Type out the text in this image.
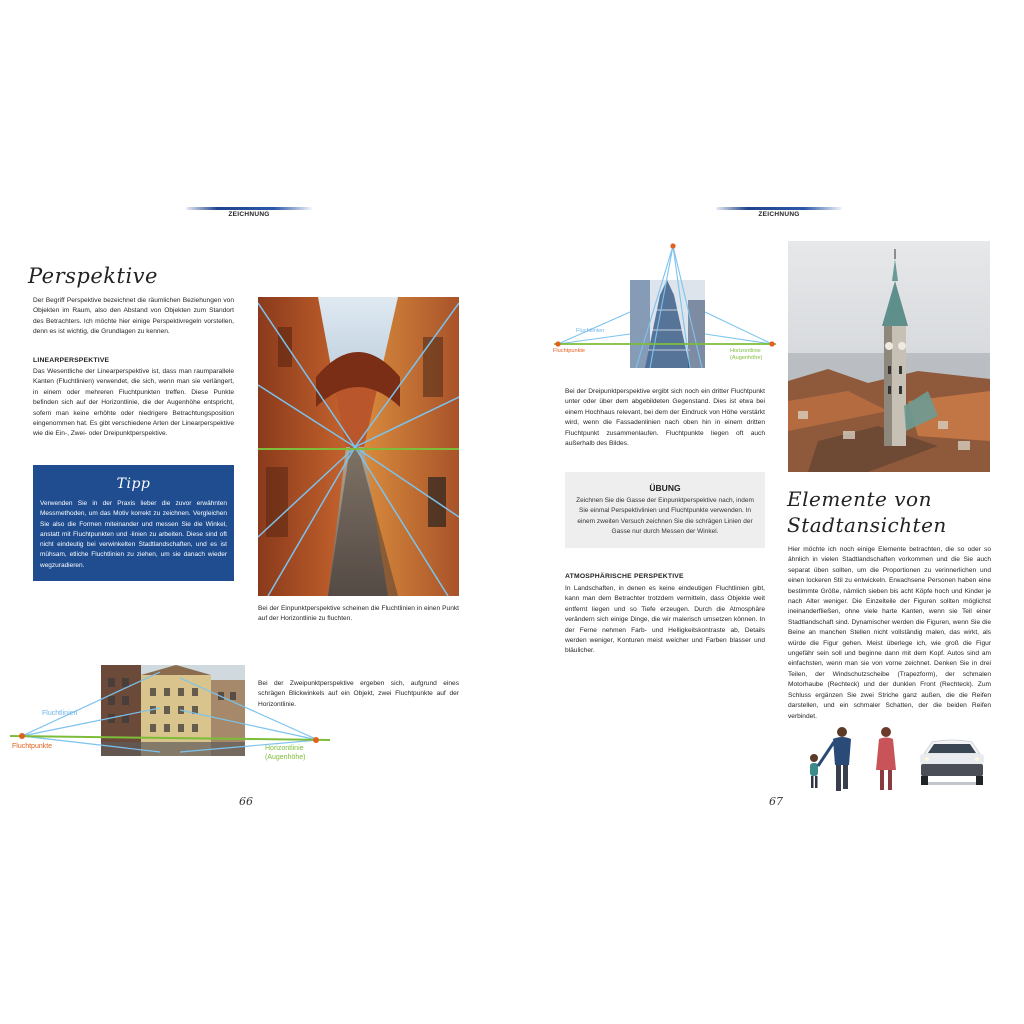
ZEICHNUNG
Perspektive
Der Begriff Perspektive bezeichnet die räumlichen Beziehungen von Objekten im Raum, also den Abstand von Objekten zum Standort des Betrachters. Ich möchte hier einige Perspektivregeln vorstellen, denn es ist wichtig, die Grundlagen zu kennen.
LINEARPERSPEKTIVE
Das Wesentliche der Linearperspektive ist, dass man raumparallele Kanten (Fluchtlinien) verwendet, die sich, wenn man sie verlängert, in einem oder mehreren Fluchtpunkten treffen. Diese Punkte befinden sich auf der Horizontlinie, die der Augenhöhe entspricht, sofern man keine erhöhte oder niedrigere Betrachtungsposition eingenommen hat. Es gibt verschiedene Arten der Linearperspektive wie die Ein-, Zwei- oder Dreipunktperspektive.
Tipp
Verwenden Sie in der Praxis lieber die zuvor erwähnten Messmethoden, um das Motiv korrekt zu zeichnen. Vergleichen Sie also die Formen miteinander und messen Sie die Winkel, anstatt mit Fluchtpunkten und -linien zu arbeiten. Diese sind oft nicht eindeutig bei verwinkelten Stadtlandschaften, und es ist mühsam, etliche Fluchtlinien zu ziehen, um sie danach wieder wegzuradieren.
Bei der Einpunktperspektive scheinen die Fluchtlinien in einen Punkt auf der Horizontlinie zu fluchten.
Fluchtlinien
Fluchtpunkte	Horizontlinie
(Augenhöhe)
Bei der Zweipunktperspektive ergeben sich, aufgrund eines schrägen Blickwinkels auf ein Objekt, zwei Fluchtpunkte auf der Horizontlinie.
66
ZEICHNUNG
Fluchtlinien
Fluchtpunkte	Horizontlinie
(Augenhöhe)
Bei der Dreipunktperspektive ergibt sich noch ein dritter Fluchtpunkt unter oder über dem abgebildeten Gegenstand. Dies ist etwa bei einem Hochhaus relevant, bei dem der Eindruck von Höhe verstärkt wird, wenn die Fassadenlinien nach oben hin in einem dritten Fluchtpunkt zusammenlaufen. Fluchtpunkte liegen oft auch außerhalb des Bildes.
ÜBUNG
Zeichnen Sie die Gasse der Einpunktperspektive nach, indem Sie einmal Perspektivlinien und Fluchtpunkte verwenden. In einem zweiten Versuch zeichnen Sie die schrägen Linien der Gasse nur durch Messen der Winkel.
ATMOSPHÄRISCHE PERSPEKTIVE
In Landschaften, in denen es keine eindeutigen Fluchtlinien gibt, kann man dem Betrachter trotzdem vermitteln, dass Objekte weit entfernt liegen und so Tiefe erzeugen. Durch die Atmosphäre verändern sich einige Dinge, die wir malerisch umsetzen können. In der Ferne nehmen Farb- und Helligkeitskontraste ab, Details werden weniger, Konturen meist weicher und Farben blasser und bläulicher.
Elemente von
Stadtansichten
Hier möchte ich noch einige Elemente betrachten, die so oder so ähnlich in vielen Stadtlandschaften vorkommen und die Sie auch separat üben sollten, um die Proportionen zu verinnerlichen und einen lockeren Stil zu entwickeln. Erwachsene Personen haben eine bestimmte Größe, nämlich sieben bis acht Köpfe hoch und Kinder je nach Alter weniger. Die Einzelteile der Figuren sollten möglichst ineinanderfließen, ohne viele harte Kanten, wenn sie Teil einer Stadtlandschaft sind. Dynamischer werden die Figuren, wenn Sie die Beine an manchen Stellen nicht vollständig malen, das wirkt, als würde die Figur gehen. Meist überlege ich, wie groß die Figur ungefähr sein soll und beginne dann mit dem Kopf. Autos sind am einfachsten, wenn man sie von vorne zeichnet. Denken Sie in drei Teilen, der Windschutzscheibe (Trapezform), der schmalen Motorhaube (Rechteck) und der dunklen Front (Rechteck). Zum Schluss ergänzen Sie zwei Striche ganz außen, die die Reifen darstellen, und ein schmaler Schatten, der die beiden Reifen verbindet.
67
